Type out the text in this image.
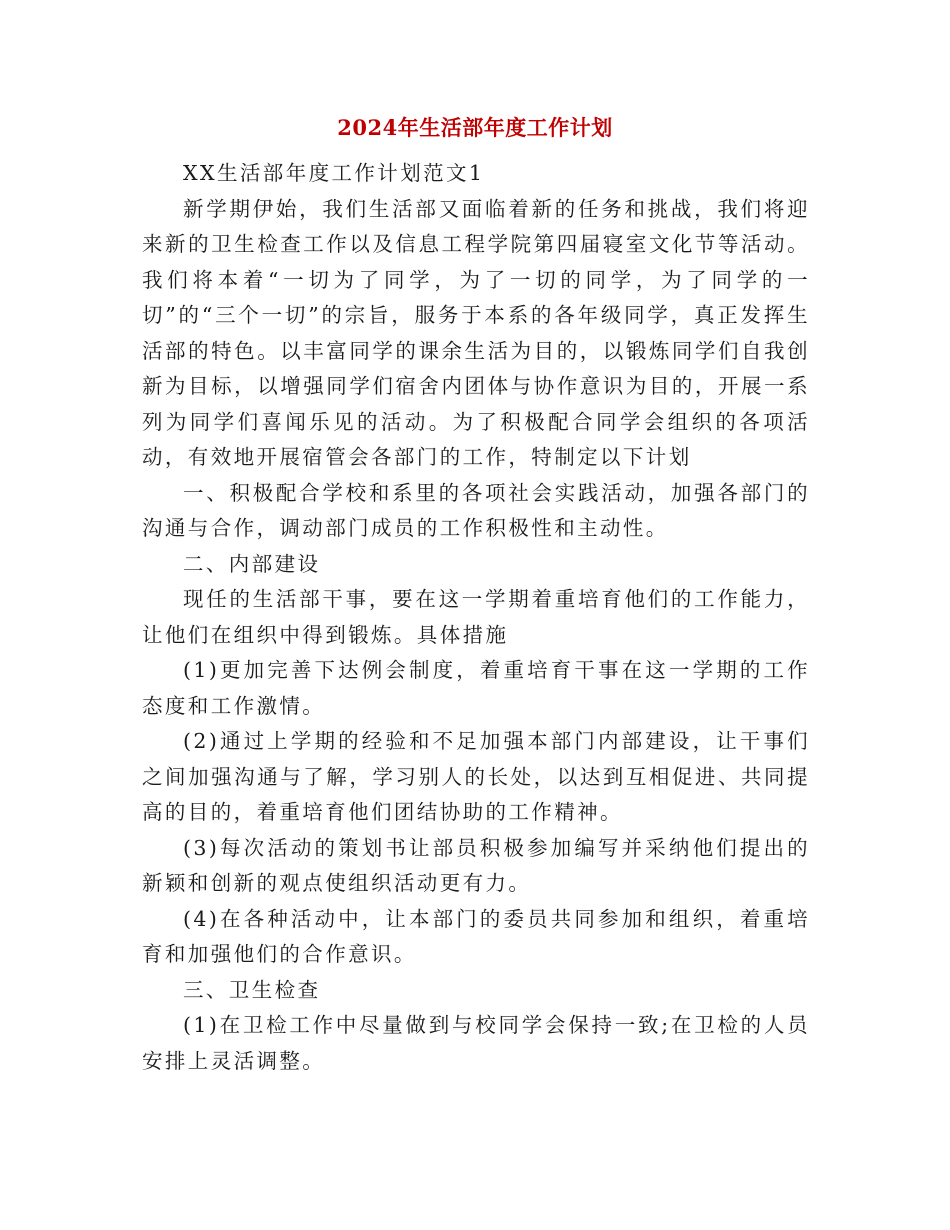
2024年生活部年度工作计划

XX生活部年度工作计划范文1

新学期伊始，我们生活部又面临着新的任务和挑战，我们将迎来新的卫生检查工作以及信息工程学院第四届寝室文化节等活动。我们将本着“一切为了同学，为了一切的同学，为了同学的一切”的“三个一切”的宗旨，服务于本系的各年级同学，真正发挥生活部的特色。以丰富同学的课余生活为目的，以锻炼同学们自我创新为目标，以增强同学们宿舍内团体与协作意识为目的，开展一系列为同学们喜闻乐见的活动。为了积极配合同学会组织的各项活动，有效地开展宿管会各部门的工作，特制定以下计划

一、积极配合学校和系里的各项社会实践活动，加强各部门的沟通与合作，调动部门成员的工作积极性和主动性。

二、内部建设

现任的生活部干事，要在这一学期着重培育他们的工作能力，让他们在组织中得到锻炼。具体措施

(1)更加完善下达例会制度，着重培育干事在这一学期的工作态度和工作激情。

(2)通过上学期的经验和不足加强本部门内部建设，让干事们之间加强沟通与了解，学习别人的长处，以达到互相促进、共同提高的目的，着重培育他们团结协助的工作精神。

(3)每次活动的策划书让部员积极参加编写并采纳他们提出的新颖和创新的观点使组织活动更有力。

(4)在各种活动中，让本部门的委员共同参加和组织，着重培育和加强他们的合作意识。

三、卫生检查

(1)在卫检工作中尽量做到与校同学会保持一致;在卫检的人员安排上灵活调整。
